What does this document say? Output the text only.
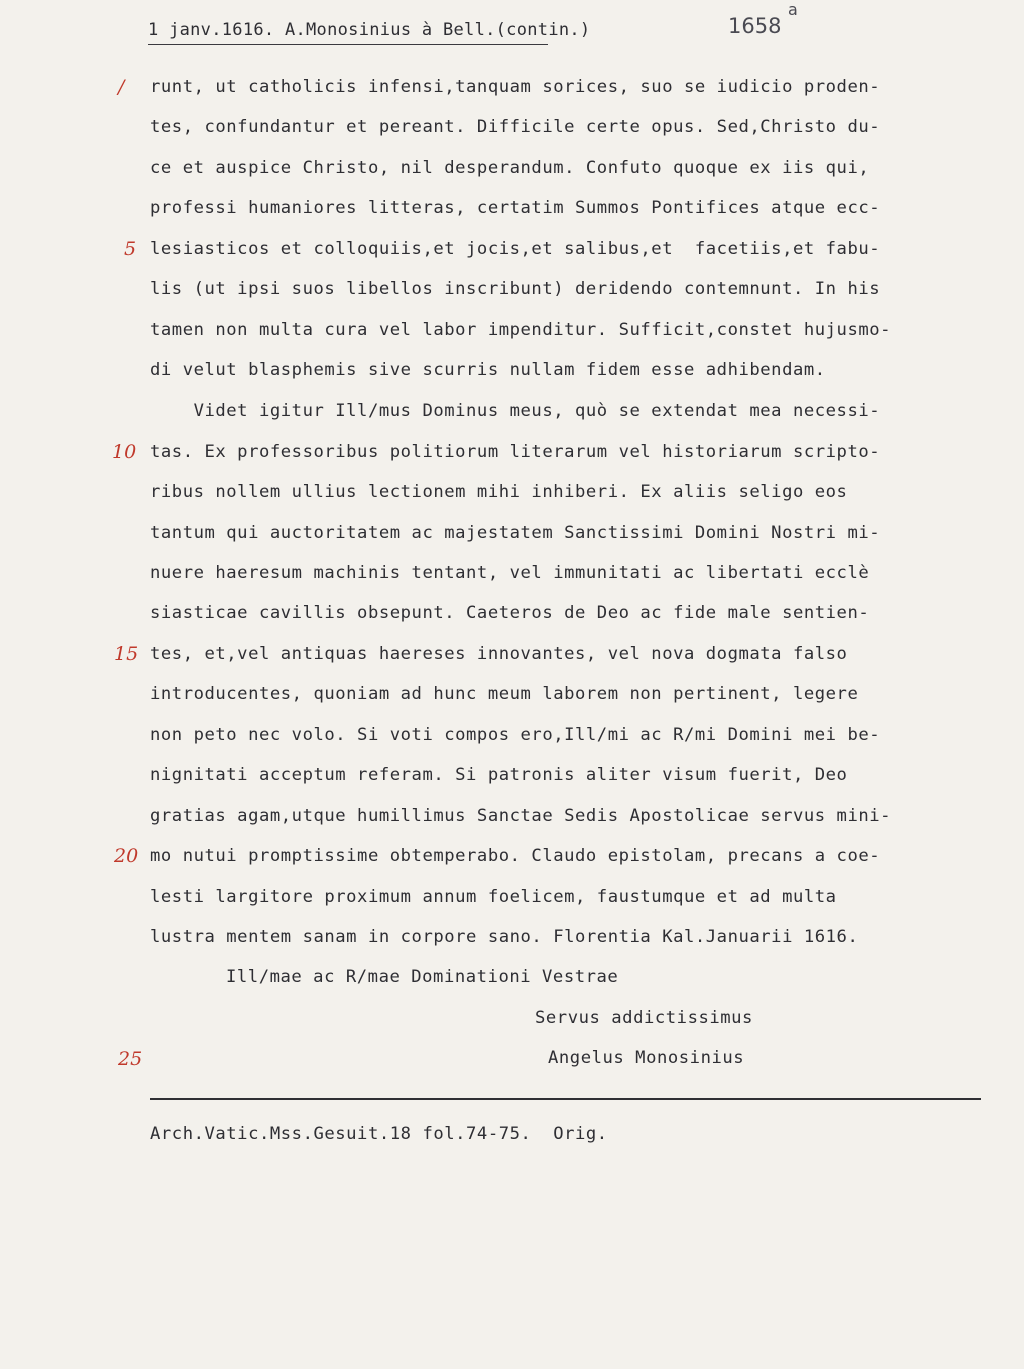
1 janv.1616. A.Monosinius à Bell.(contin.)	1658
a
/
5
10
15
20
25
runt, ut catholicis infensi,tanquam sorices, suo se iudicio proden-
tes, confundantur et pereant. Difficile certe opus. Sed,Christo du-
ce et auspice Christo, nil desperandum. Confuto quoque ex iis qui,
professi humaniores litteras, certatim Summos Pontifices atque ecc-
lesiasticos et colloquiis,et jocis,et salibus,et  facetiis,et fabu-
lis (ut ipsi suos libellos inscribunt) deridendo contemnunt. In his
tamen non multa cura vel labor impenditur. Sufficit,constet hujusmo-
di velut blasphemis sive scurris nullam fidem esse adhibendam.
Videt igitur Ill/mus Dominus meus, quò se extendat mea necessi-
tas. Ex professoribus politiorum literarum vel historiarum scripto-
ribus nollem ullius lectionem mihi inhiberi. Ex aliis seligo eos
tantum qui auctoritatem ac majestatem Sanctissimi Domini Nostri mi-
nuere haeresum machinis tentant, vel immunitati ac libertati ecclè
siasticae cavillis obsepunt. Caeteros de Deo ac fide male sentien-
tes, et,vel antiquas haereses innovantes, vel nova dogmata falso
introducentes, quoniam ad hunc meum laborem non pertinent, legere
non peto nec volo. Si voti compos ero,Ill/mi ac R/mi Domini mei be-
nignitati acceptum referam. Si patronis aliter visum fuerit, Deo
gratias agam,utque humillimus Sanctae Sedis Apostolicae servus mini-
mo nutui promptissime obtemperabo. Claudo epistolam, precans a coe-
lesti largitore proximum annum foelicem, faustumque et ad multa
lustra mentem sanam in corpore sano. Florentia Kal.Januarii 1616.
Ill/mae ac R/mae Dominationi Vestrae
Servus addictissimus
Angelus Monosinius
Arch.Vatic.Mss.Gesuit.18 fol.74-75.  Orig.
